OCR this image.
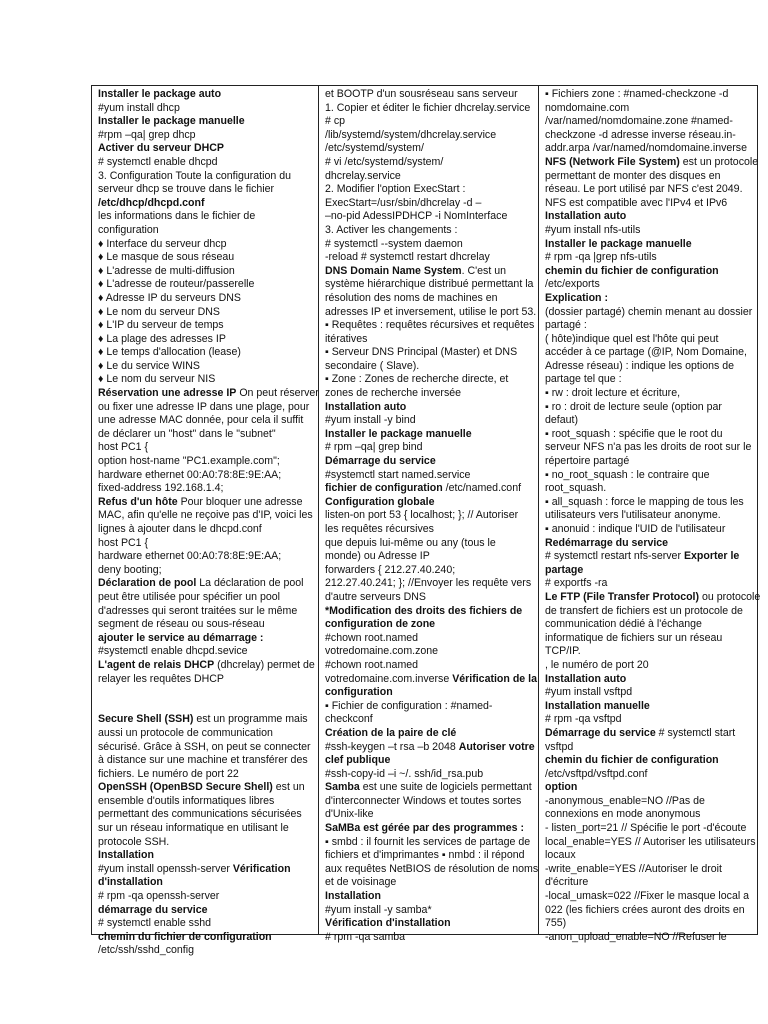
Installer le package auto
#yum install dhcp
Installer le package manuelle
#rpm –qa| grep dhcp
Activer du serveur DHCP
# systemctl enable dhcpd
3. Configuration Toute la configuration du
serveur dhcp se trouve dans le fichier
/etc/dhcp/dhcpd.conf
les informations dans le fichier de
configuration
♦ Interface du serveur dhcp
♦ Le masque de sous réseau
♦ L'adresse de multi-diffusion
♦ L'adresse de routeur/passerelle
♦ Adresse IP du serveurs DNS
♦ Le nom du serveur DNS
♦ L'IP du serveur de temps
♦ La plage des adresses IP
♦ Le temps d'allocation (lease)
♦ Le du service WINS
♦ Le nom du serveur NIS
Réservation une adresse IP On peut réserver
ou fixer une adresse IP dans une plage, pour
une adresse MAC donnée, pour cela il suffit
de déclarer un "host" dans le "subnet"
host PC1 {
option host-name "PC1.example.com";
hardware ethernet 00:A0:78:8E:9E:AA;
fixed-address 192.168.1.4;
Refus d'un hôte Pour bloquer une adresse
MAC, afin qu'elle ne reçoive pas d'IP, voici les
lignes à ajouter dans le dhcpd.conf
host PC1 {
hardware ethernet 00:A0:78:8E:9E:AA;
deny booting;
Déclaration de pool La déclaration de pool
peut être utilisée pour spécifier un pool
d'adresses qui seront traitées sur le même
segment de réseau ou sous-réseau
ajouter le service au démarrage :
#systemctl enable dhcpd.sevice
L'agent de relais DHCP (dhcrelay) permet de
relayer les requêtes DHCP
Secure Shell (SSH) est un programme mais
aussi un protocole de communication
sécurisé. Grâce à SSH, on peut se connecter
à distance sur une machine et transférer des
fichiers. Le numéro de port 22
OpenSSH (OpenBSD Secure Shell) est un
ensemble d'outils informatiques libres
permettant des communications sécurisées
sur un réseau informatique en utilisant le
protocole SSH.
Installation
#yum install openssh-server Vérification
d'installation
# rpm -qa openssh-server
démarrage du service
# systemctl enable sshd
chemin du fichier de configuration
/etc/ssh/sshd_config
et BOOTP d'un sousréseau sans serveur
1. Copier et éditer le fichier dhcrelay.service
# cp
/lib/systemd/system/dhcrelay.service
/etc/systemd/system/
# vi /etc/systemd/system/
dhcrelay.service
2. Modifier l'option ExecStart :
ExecStart=/usr/sbin/dhcrelay -d –
–no-pid AdessIPDHCP -i NomInterface
3. Activer les changements :
# systemctl --system daemon
-reload # systemctl restart dhcrelay
DNS Domain Name System. C'est un
système hiérarchique distribué permettant la
résolution des noms de machines en
adresses IP et inversement, utilise le port 53.
▪ Requêtes : requêtes récursives et requêtes
itératives
▪ Serveur DNS Principal (Master) et DNS
secondaire ( Slave).
▪ Zone : Zones de recherche directe, et
zones de recherche inversée
Installation auto
#yum install -y bind
Installer le package manuelle
# rpm –qa| grep bind
Démarrage du service
#systemctl start named.service
fichier de configuration /etc/named.conf
Configuration globale
listen-on port 53 { localhost; }; // Autoriser
les requêtes récursives
que depuis lui-même ou any (tous le
monde) ou Adresse IP
forwarders { 212.27.40.240;
212.27.40.241; }; //Envoyer les requête vers
d'autre serveurs DNS
*Modification des droits des fichiers de
configuration de zone
#chown root.named
votredomaine.com.zone
#chown root.named
votredomaine.com.inverse Vérification de la
configuration
▪ Fichier de configuration : #named-
checkconf
Création de la paire de clé
#ssh-keygen –t rsa –b 2048 Autoriser votre
clef publique
#ssh-copy-id –i ~/. ssh/id_rsa.pub
Samba est une suite de logiciels permettant
d'interconnecter Windows et toutes sortes
d'Unix-like
SaMBa est gérée par des programmes :
▪ smbd : il fournit les services de partage de
fichiers et d'imprimantes ▪ nmbd : il répond
aux requêtes NetBIOS de résolution de noms
et de voisinage
Installation
#yum install -y samba*
Vérification d'installation
# rpm -qa samba
▪ Fichiers zone : #named-checkzone -d
nomdomaine.com
/var/named/nomdomaine.zone #named-
checkzone -d adresse inverse réseau.in-
addr.arpa /var/named/nomdomaine.inverse
NFS (Network File System) est un protocole
permettant de monter des disques en
réseau. Le port utilisé par NFS c'est 2049.
NFS est compatible avec l'IPv4 et IPv6
Installation auto
#yum install nfs-utils
Installer le package manuelle
# rpm -qa |grep nfs-utils
chemin du fichier de configuration
/etc/exports
Explication :
(dossier partagé) chemin menant au dossier
partagé :
( hôte)indique quel est l'hôte qui peut
accéder à ce partage (@IP, Nom Domaine,
Adresse réseau) : indique les options de
partage tel que :
▪ rw : droit lecture et écriture,
▪ ro : droit de lecture seule (option par
defaut)
▪ root_squash : spécifie que le root du
serveur NFS n'a pas les droits de root sur le
répertoire partagé
▪ no_root_squash : le contraire que
root_squash.
▪ all_squash : force le mapping de tous les
utilisateurs vers l'utilisateur anonyme.
▪ anonuid : indique l'UID de l'utilisateur
Redémarrage du service
# systemctl restart nfs-server Exporter le
partage
# exportfs -ra
Le FTP (File Transfer Protocol) ou protocole
de transfert de fichiers est un protocole de
communication dédié à l'échange
informatique de fichiers sur un réseau
TCP/IP.
, le numéro de port 20
Installation auto
#yum install vsftpd
Installation manuelle
# rpm -qa vsftpd
Démarrage du service # systemctl start
vsftpd
chemin du fichier de configuration
/etc/vsftpd/vsftpd.conf
option
-anonymous_enable=NO //Pas de
connexions en mode anonymous
- listen_port=21 // Spécifie le port -d'écoute
local_enable=YES // Autoriser les utilisateurs
locaux
-write_enable=YES //Autoriser le droit
d'écriture
-local_umask=022 //Fixer le masque local a
022 (les fichiers crées auront des droits en
755)
-anon_upload_enable=NO //Refuser le
